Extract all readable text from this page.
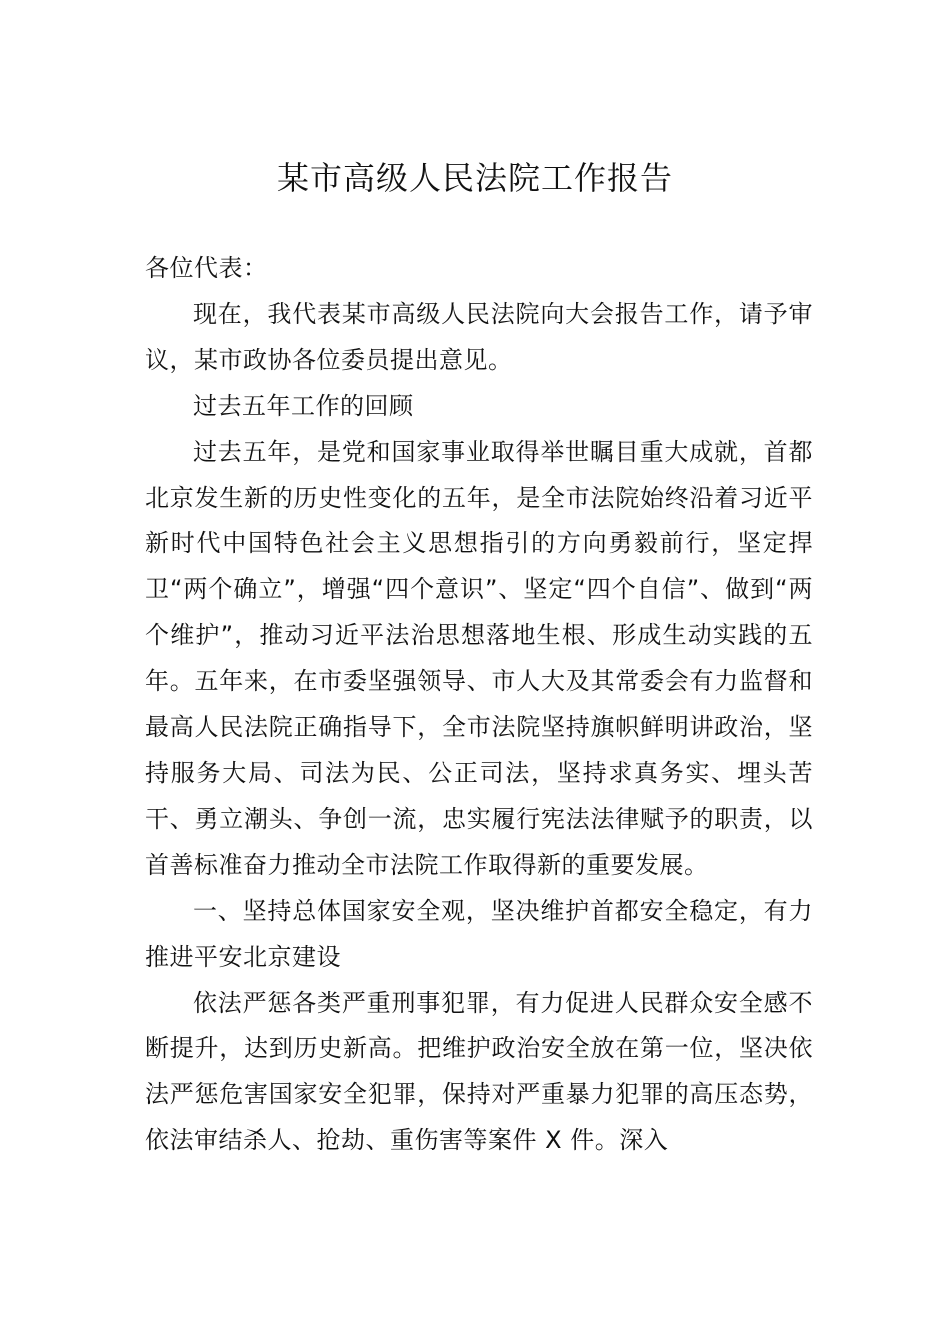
某市高级人民法院工作报告

各位代表：

现在，我代表某市高级人民法院向大会报告工作，请予审议，某市政协各位委员提出意见。

过去五年工作的回顾

过去五年，是党和国家事业取得举世瞩目重大成就，首都北京发生新的历史性变化的五年，是全市法院始终沿着习近平新时代中国特色社会主义思想指引的方向勇毅前行，坚定捍卫“两个确立”，增强“四个意识”、坚定“四个自信”、做到“两个维护”，推动习近平法治思想落地生根、形成生动实践的五年。五年来，在市委坚强领导、市人大及其常委会有力监督和最高人民法院正确指导下，全市法院坚持旗帜鲜明讲政治，坚持服务大局、司法为民、公正司法，坚持求真务实、埋头苦干、勇立潮头、争创一流，忠实履行宪法法律赋予的职责，以首善标准奋力推动全市法院工作取得新的重要发展。

一、坚持总体国家安全观，坚决维护首都安全稳定，有力推进平安北京建设

依法严惩各类严重刑事犯罪，有力促进人民群众安全感不断提升，达到历史新高。把维护政治安全放在第一位，坚决依法严惩危害国家安全犯罪，保持对严重暴力犯罪的高压态势，依法审结杀人、抢劫、重伤害等案件 X 件。深入
